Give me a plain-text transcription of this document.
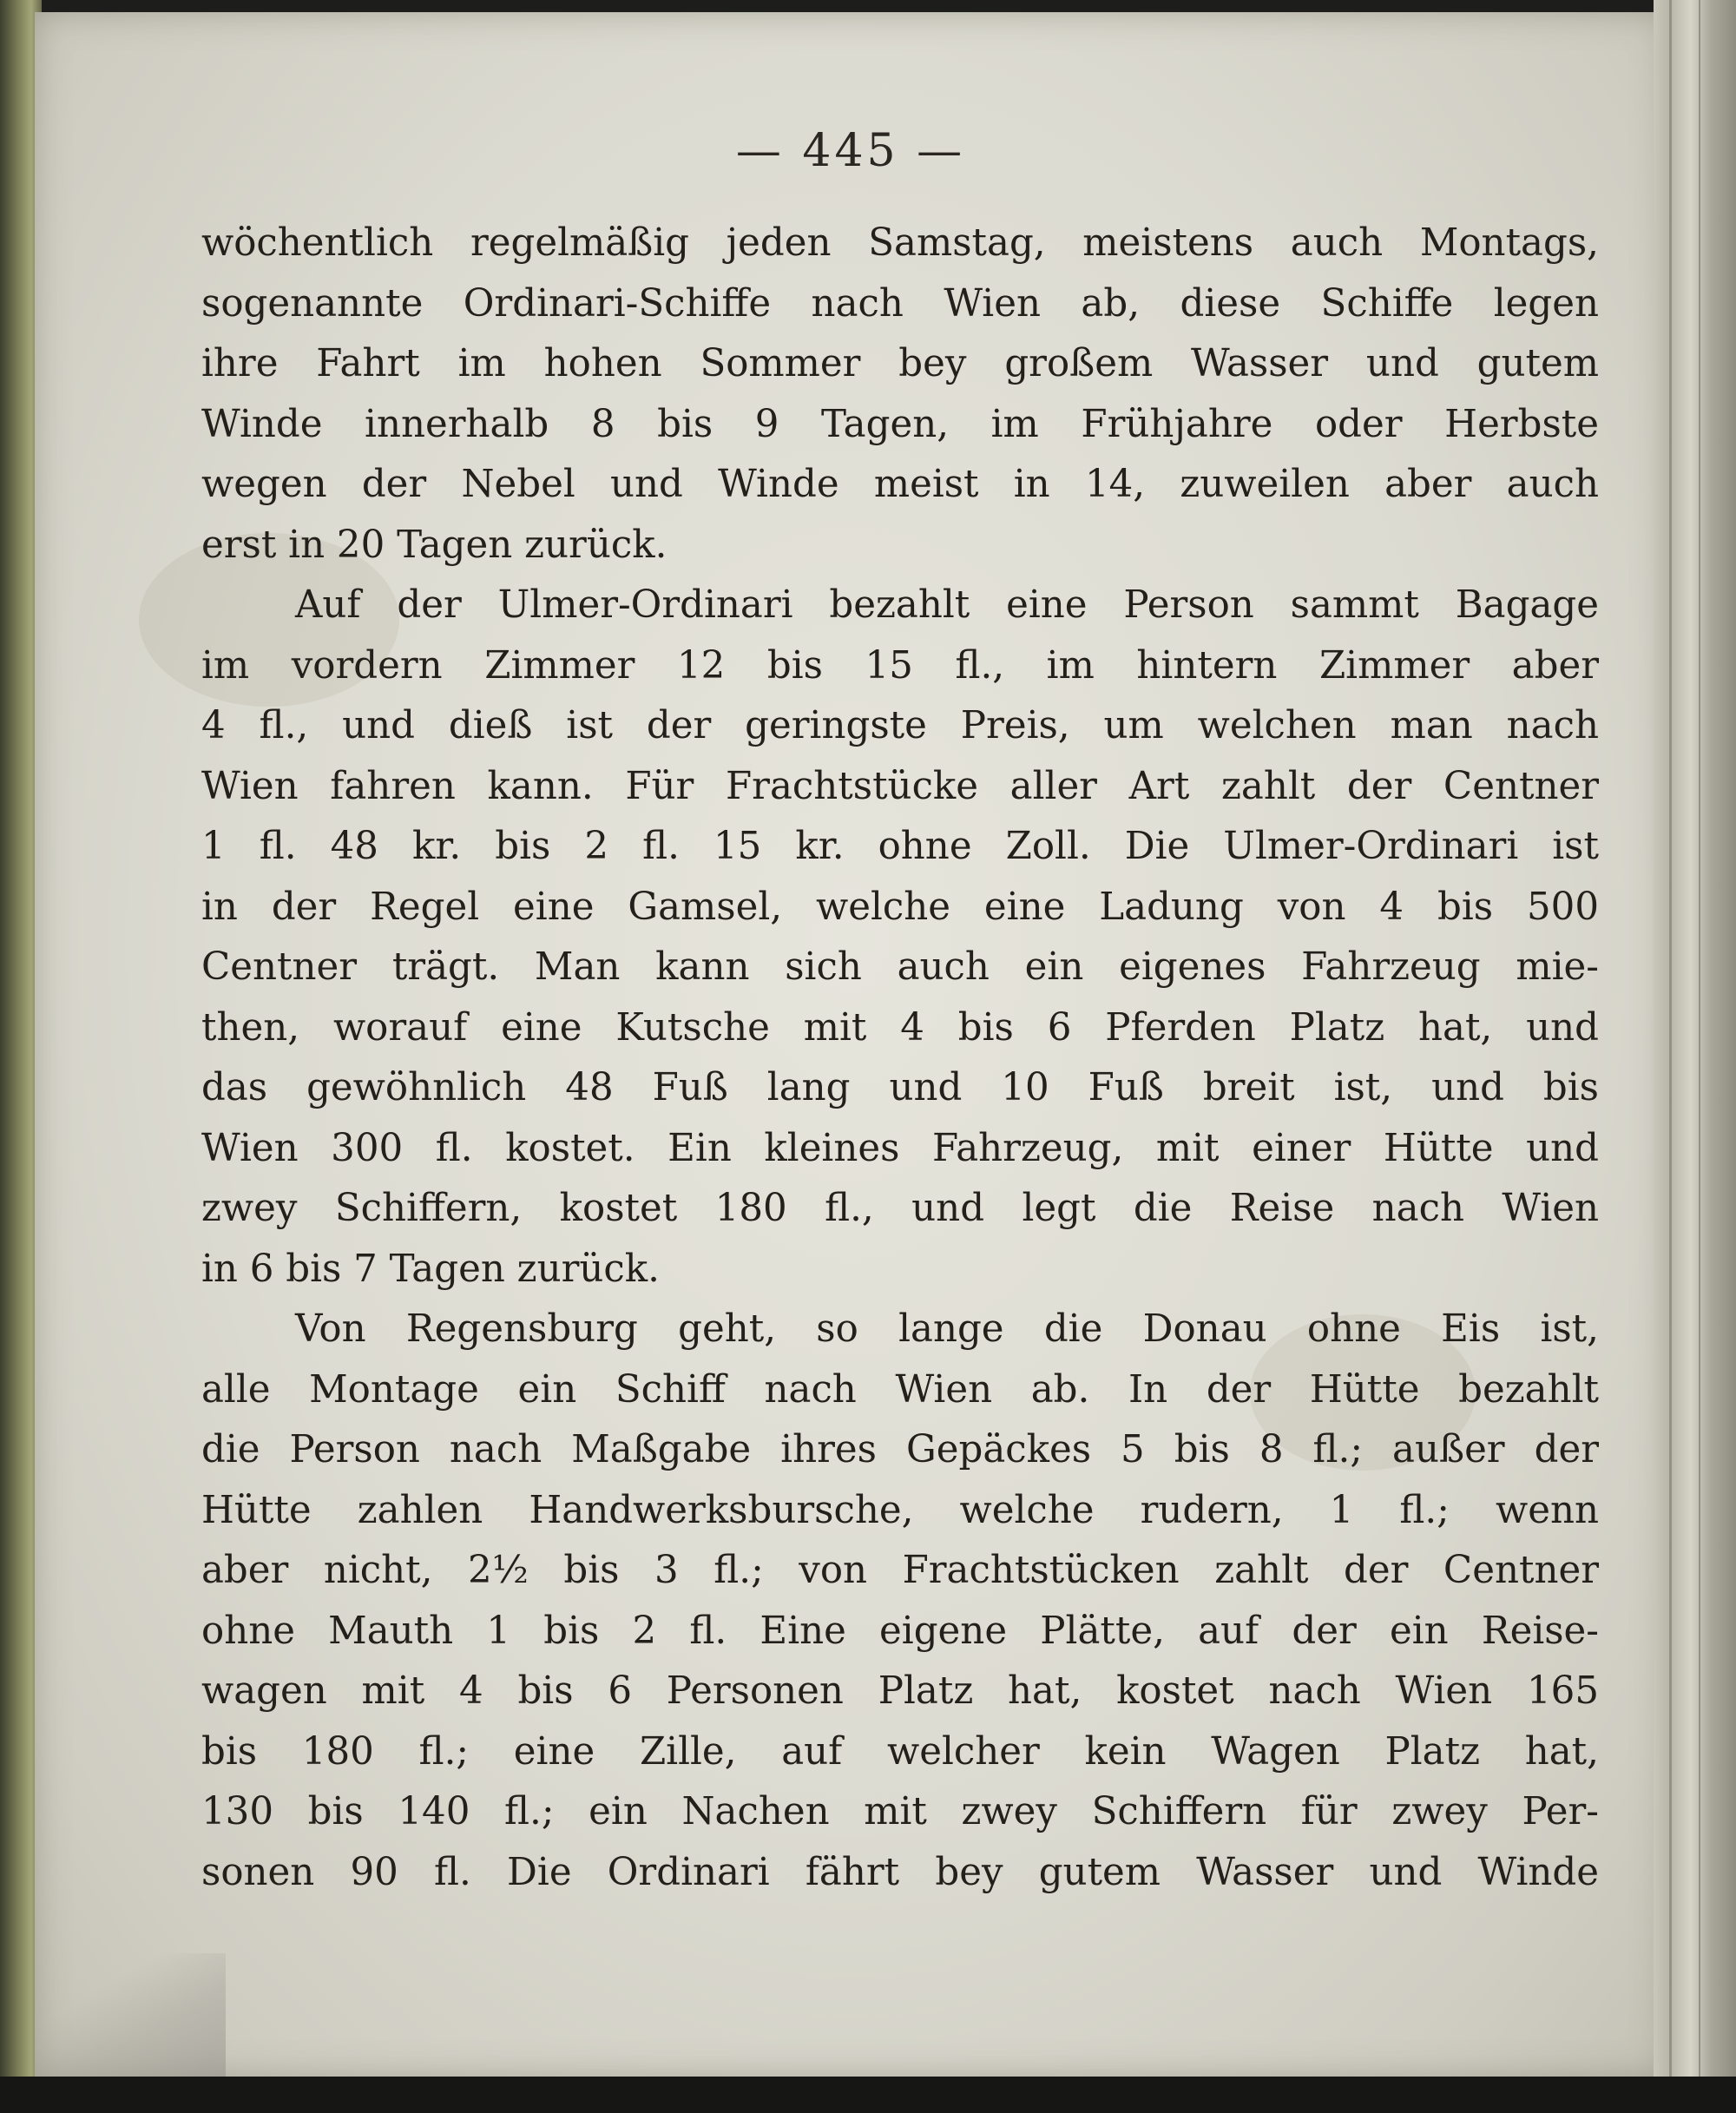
— 445 —
wöchentlich regelmäßig jeden Samstag, meistens auch Montags,
sogenannte Ordinari-Schiffe nach Wien ab, diese Schiffe legen
ihre Fahrt im hohen Sommer bey großem Wasser und gutem
Winde innerhalb 8 bis 9 Tagen, im Frühjahre oder Herbste
wegen der Nebel und Winde meist in 14, zuweilen aber auch
erst in 20 Tagen zurück.
Auf der Ulmer-Ordinari bezahlt eine Person sammt Bagage
im vordern Zimmer 12 bis 15 fl., im hintern Zimmer aber
4 fl., und dieß ist der geringste Preis, um welchen man nach
Wien fahren kann. Für Frachtstücke aller Art zahlt der Centner
1 fl. 48 kr. bis 2 fl. 15 kr. ohne Zoll. Die Ulmer-Ordinari ist
in der Regel eine Gamsel, welche eine Ladung von 4 bis 500
Centner trägt. Man kann sich auch ein eigenes Fahrzeug mie-
then, worauf eine Kutsche mit 4 bis 6 Pferden Platz hat, und
das gewöhnlich 48 Fuß lang und 10 Fuß breit ist, und bis
Wien 300 fl. kostet. Ein kleines Fahrzeug, mit einer Hütte und
zwey Schiffern, kostet 180 fl., und legt die Reise nach Wien
in 6 bis 7 Tagen zurück.
Von Regensburg geht, so lange die Donau ohne Eis ist,
alle Montage ein Schiff nach Wien ab. In der Hütte bezahlt
die Person nach Maßgabe ihres Gepäckes 5 bis 8 fl.; außer der
Hütte zahlen Handwerksbursche, welche rudern, 1 fl.; wenn
aber nicht, 2½ bis 3 fl.; von Frachtstücken zahlt der Centner
ohne Mauth 1 bis 2 fl. Eine eigene Plätte, auf der ein Reise-
wagen mit 4 bis 6 Personen Platz hat, kostet nach Wien 165
bis 180 fl.; eine Zille, auf welcher kein Wagen Platz hat,
130 bis 140 fl.; ein Nachen mit zwey Schiffern für zwey Per-
sonen 90 fl. Die Ordinari fährt bey gutem Wasser und Winde
